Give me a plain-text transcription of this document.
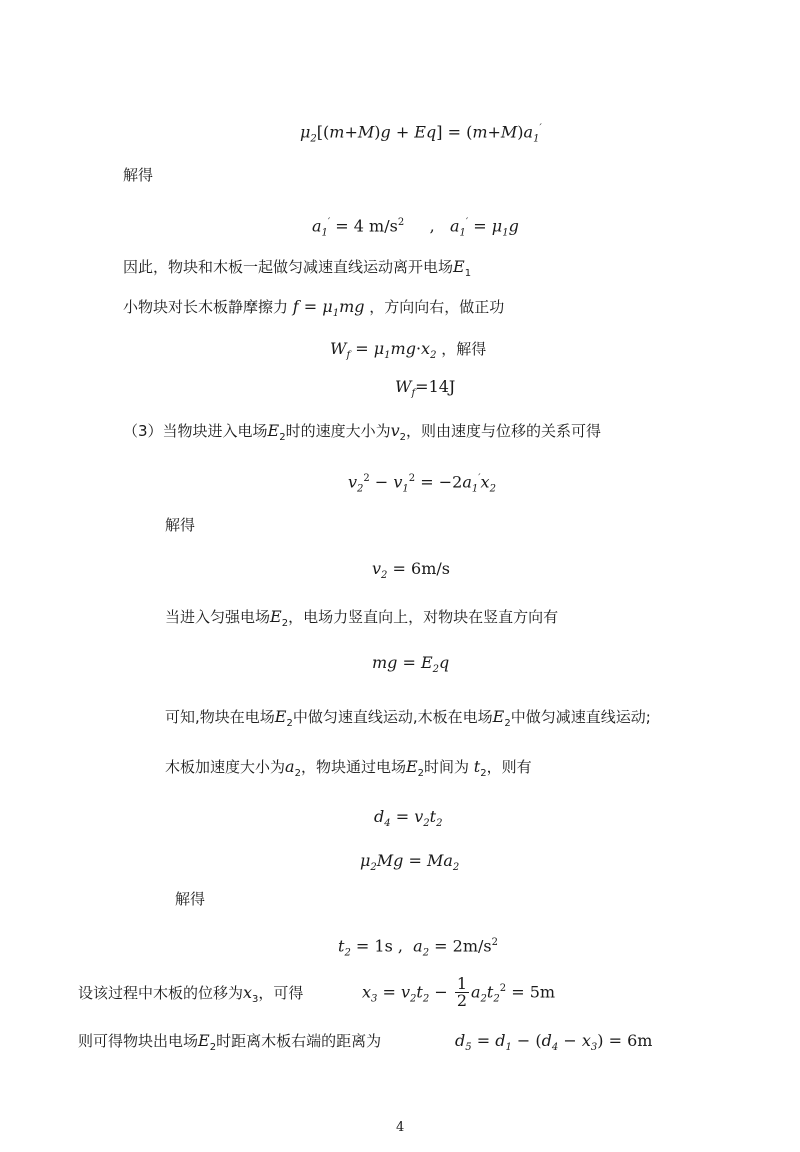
$\mu_2[(m+M)g + Eq] = (m+M)a_1'$
解得
$a_1' = 4$ $m/s^2$     ,   $a_1' = \mu_1g$
因此，物块和木板一起做匀减速直线运动离开电场$E_1$
小物块对长木板静摩擦力 $f = \mu_1mg$ ，方向向右，做正功
$W_f = \mu_1mg\cdot x_2$ ，解得
$W_f=14J$
（3）当物块进入电场$E_2$时的速度大小为$v_2$，则由速度与位移的关系可得
$v_2^2 - v_1^2 = -2a_1'x_2$
解得
$v_2 = 6m/s$
当进入匀强电场$E_2$，电场力竖直向上，对物块在竖直方向有
mg = $E_2q$
可知,物块在电场$E_2$中做匀速直线运动,木板在电场$E_2$中做匀减速直线运动;
木板加速度大小为$a_2$，物块通过电场$E_2$时间为 $t_2$，则有
$d_4 = v_2t_2$
$\mu_2Mg = Ma_2$
解得
$t_2 = 1s$ ,  $a_2 = 2m/s^2$
设该过程中木板的位移为$x_3$，可得	$x_3 = v_2t_2 - \frac{1}{2} a_2t_2^2 = 5m$
则可得物块出电场$E_2$时距离木板右端的距离为	$d_5 = d_1 - (d_4 - x_3) = 6m$
4
